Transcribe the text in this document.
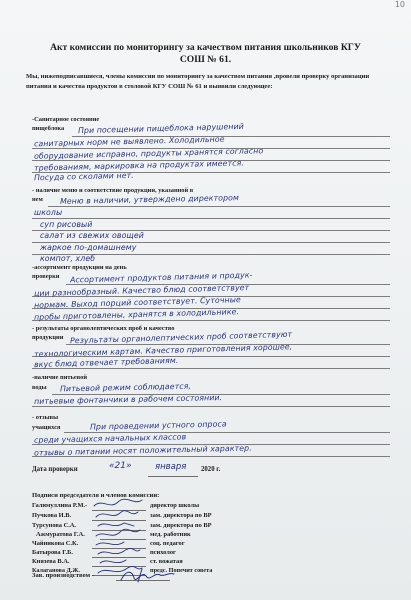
10
Акт комиссии по мониторингу за качеством питания школьников КГУ
СОШ № 61.
Мы, нижеподписавшиеся, члены комиссии по мониторингу за качеством питания ,провели проверку организации питания и качества продуктов в столовой КГУ СОШ № 61 и выявили следующее:
-Санитарное состояние
пищеблока При посещении пищеблока нарушений
санитарных норм не выявлено. Холодильное
оборудование исправно, продукты хранятся согласно
требованиям, маркировка на продуктах имеется.
Посуда со сколами нет.
- наличие меню и соответствие продукции, указанной в
нем Меню в наличии, утверждено директором
школы
суп рисовый
салат из свежих овощей
жаркое по-домашнему
компот, хлеб
-ассортимент продукции на день
проверки Ассортимент продуктов питания и продук-
ции разнообразный. Качество блюд соответствует
нормам. Выход порций соответствует. Суточные
пробы приготовлены, хранятся в холодильнике.
- результаты органолептических проб и качество
продукции Результаты органолептических проб соответствуют
технологическим картам. Качество приготовления хорошее,
вкус блюд отвечает требованиям.
-наличие питьевой
воды Питьевой режим соблюдается,
питьевые фонтанчики в рабочем состоянии.
- отзывы
учащихся	При проведении устного опроса
среди учащихся начальных классов
отзывы о питании носят положительный характер.
Дата проверки	«21»	января 2020 г.
Подписи председателя и членов комиссии:
Галимуллина Р.М.-	директор школы
Пучкова И.В.	зам. директора по ВР
Турсунова С.А.	зам. директора по ВР
Ажмуратова Г.А.	мед. работник
Чайникова С.К.	соц. педагог
Батырова Г.Б.	психолог
Князева В.А.	ст. вожатая
Калаганова Д.Ж.	предс. Попечит совета
Зав. производством -
